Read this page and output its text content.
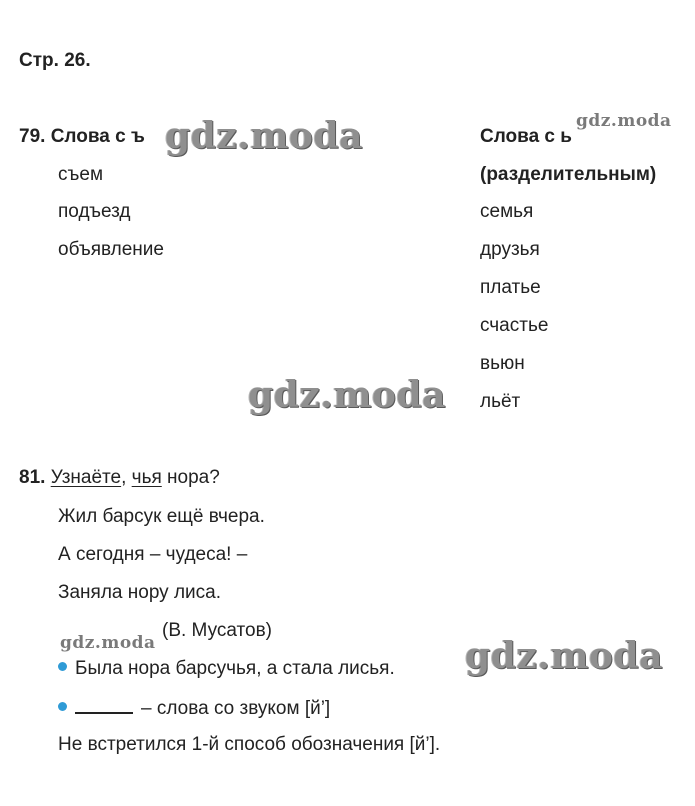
Стр. 26.
79. Слова с ъ
съем
подъезд
объявление
Слова с ь
(разделительным)
семья
друзья
платье
счастье
вьюн
льёт
81. Узнаёте, чья нора?
Жил барсук ещё вчера.
А сегодня – чудеса! –
Заняла нору лиса.
(В. Мусатов)
Была нора барсучья, а стала лисья.
– слова со звуком [й’]
Не встретился 1-й способ обозначения [й’].
gdz.moda	gdz.moda
gdz.moda
gdz.moda	gdz.moda
